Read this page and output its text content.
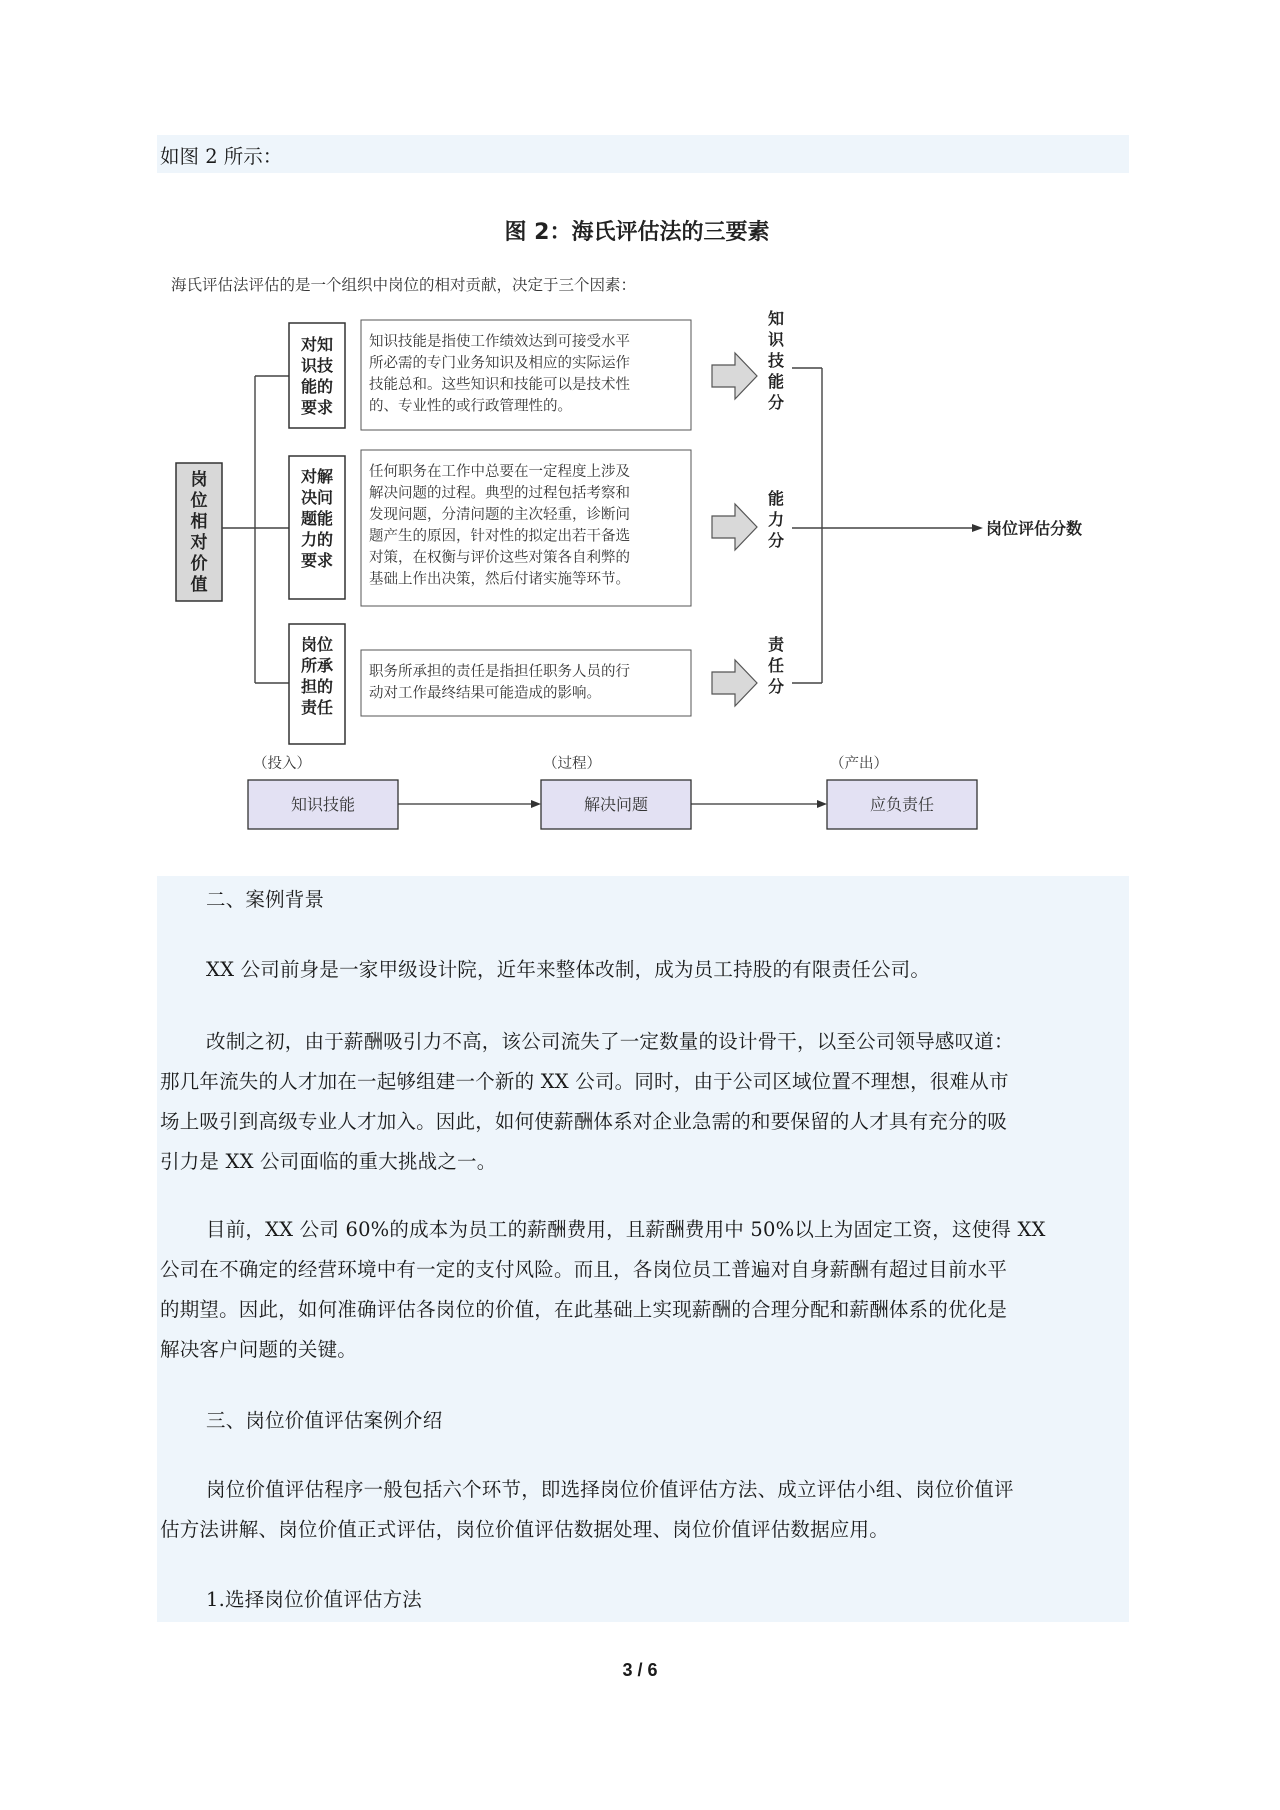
如图 2 所示：

图 2：海氏评估法的三要素
海氏评估法评估的是一个组织中岗位的相对贡献，决定于三个因素：
岗位相对价值
对知识技能的要求
对解决问题能力的要求
岗位所承担的责任
知识技能是指使工作绩效达到可接受水平
所必需的专门业务知识及相应的实际运作
技能总和。这些知识和技能可以是技术性
的、专业性的或行政管理性的。
任何职务在工作中总要在一定程度上涉及
解决问题的过程。典型的过程包括考察和
发现问题，分清问题的主次轻重，诊断问
题产生的原因，针对性的拟定出若干备选
对策，在权衡与评价这些对策各自利弊的
基础上作出决策，然后付诸实施等环节。
职务所承担的责任是指担任职务人员的行
动对工作最终结果可能造成的影响。
知识技能分
能力分
责任分
岗位评估分数
（投入）	（过程）	（产出）
知识技能	解决问题	应负责任

二、案例背景

XX 公司前身是一家甲级设计院，近年来整体改制，成为员工持股的有限责任公司。

改制之初，由于薪酬吸引力不高，该公司流失了一定数量的设计骨干，以至公司领导感叹道：

那几年流失的人才加在一起够组建一个新的 XX 公司。同时，由于公司区域位置不理想，很难从市

场上吸引到高级专业人才加入。因此，如何使薪酬体系对企业急需的和要保留的人才具有充分的吸

引力是 XX 公司面临的重大挑战之一。

目前，XX 公司 60%的成本为员工的薪酬费用，且薪酬费用中 50%以上为固定工资，这使得 XX

公司在不确定的经营环境中有一定的支付风险。而且，各岗位员工普遍对自身薪酬有超过目前水平

的期望。因此，如何准确评估各岗位的价值，在此基础上实现薪酬的合理分配和薪酬体系的优化是

解决客户问题的关键。

三、岗位价值评估案例介绍

岗位价值评估程序一般包括六个环节，即选择岗位价值评估方法、成立评估小组、岗位价值评

估方法讲解、岗位价值正式评估，岗位价值评估数据处理、岗位价值评估数据应用。

1.选择岗位价值评估方法

3 / 6
